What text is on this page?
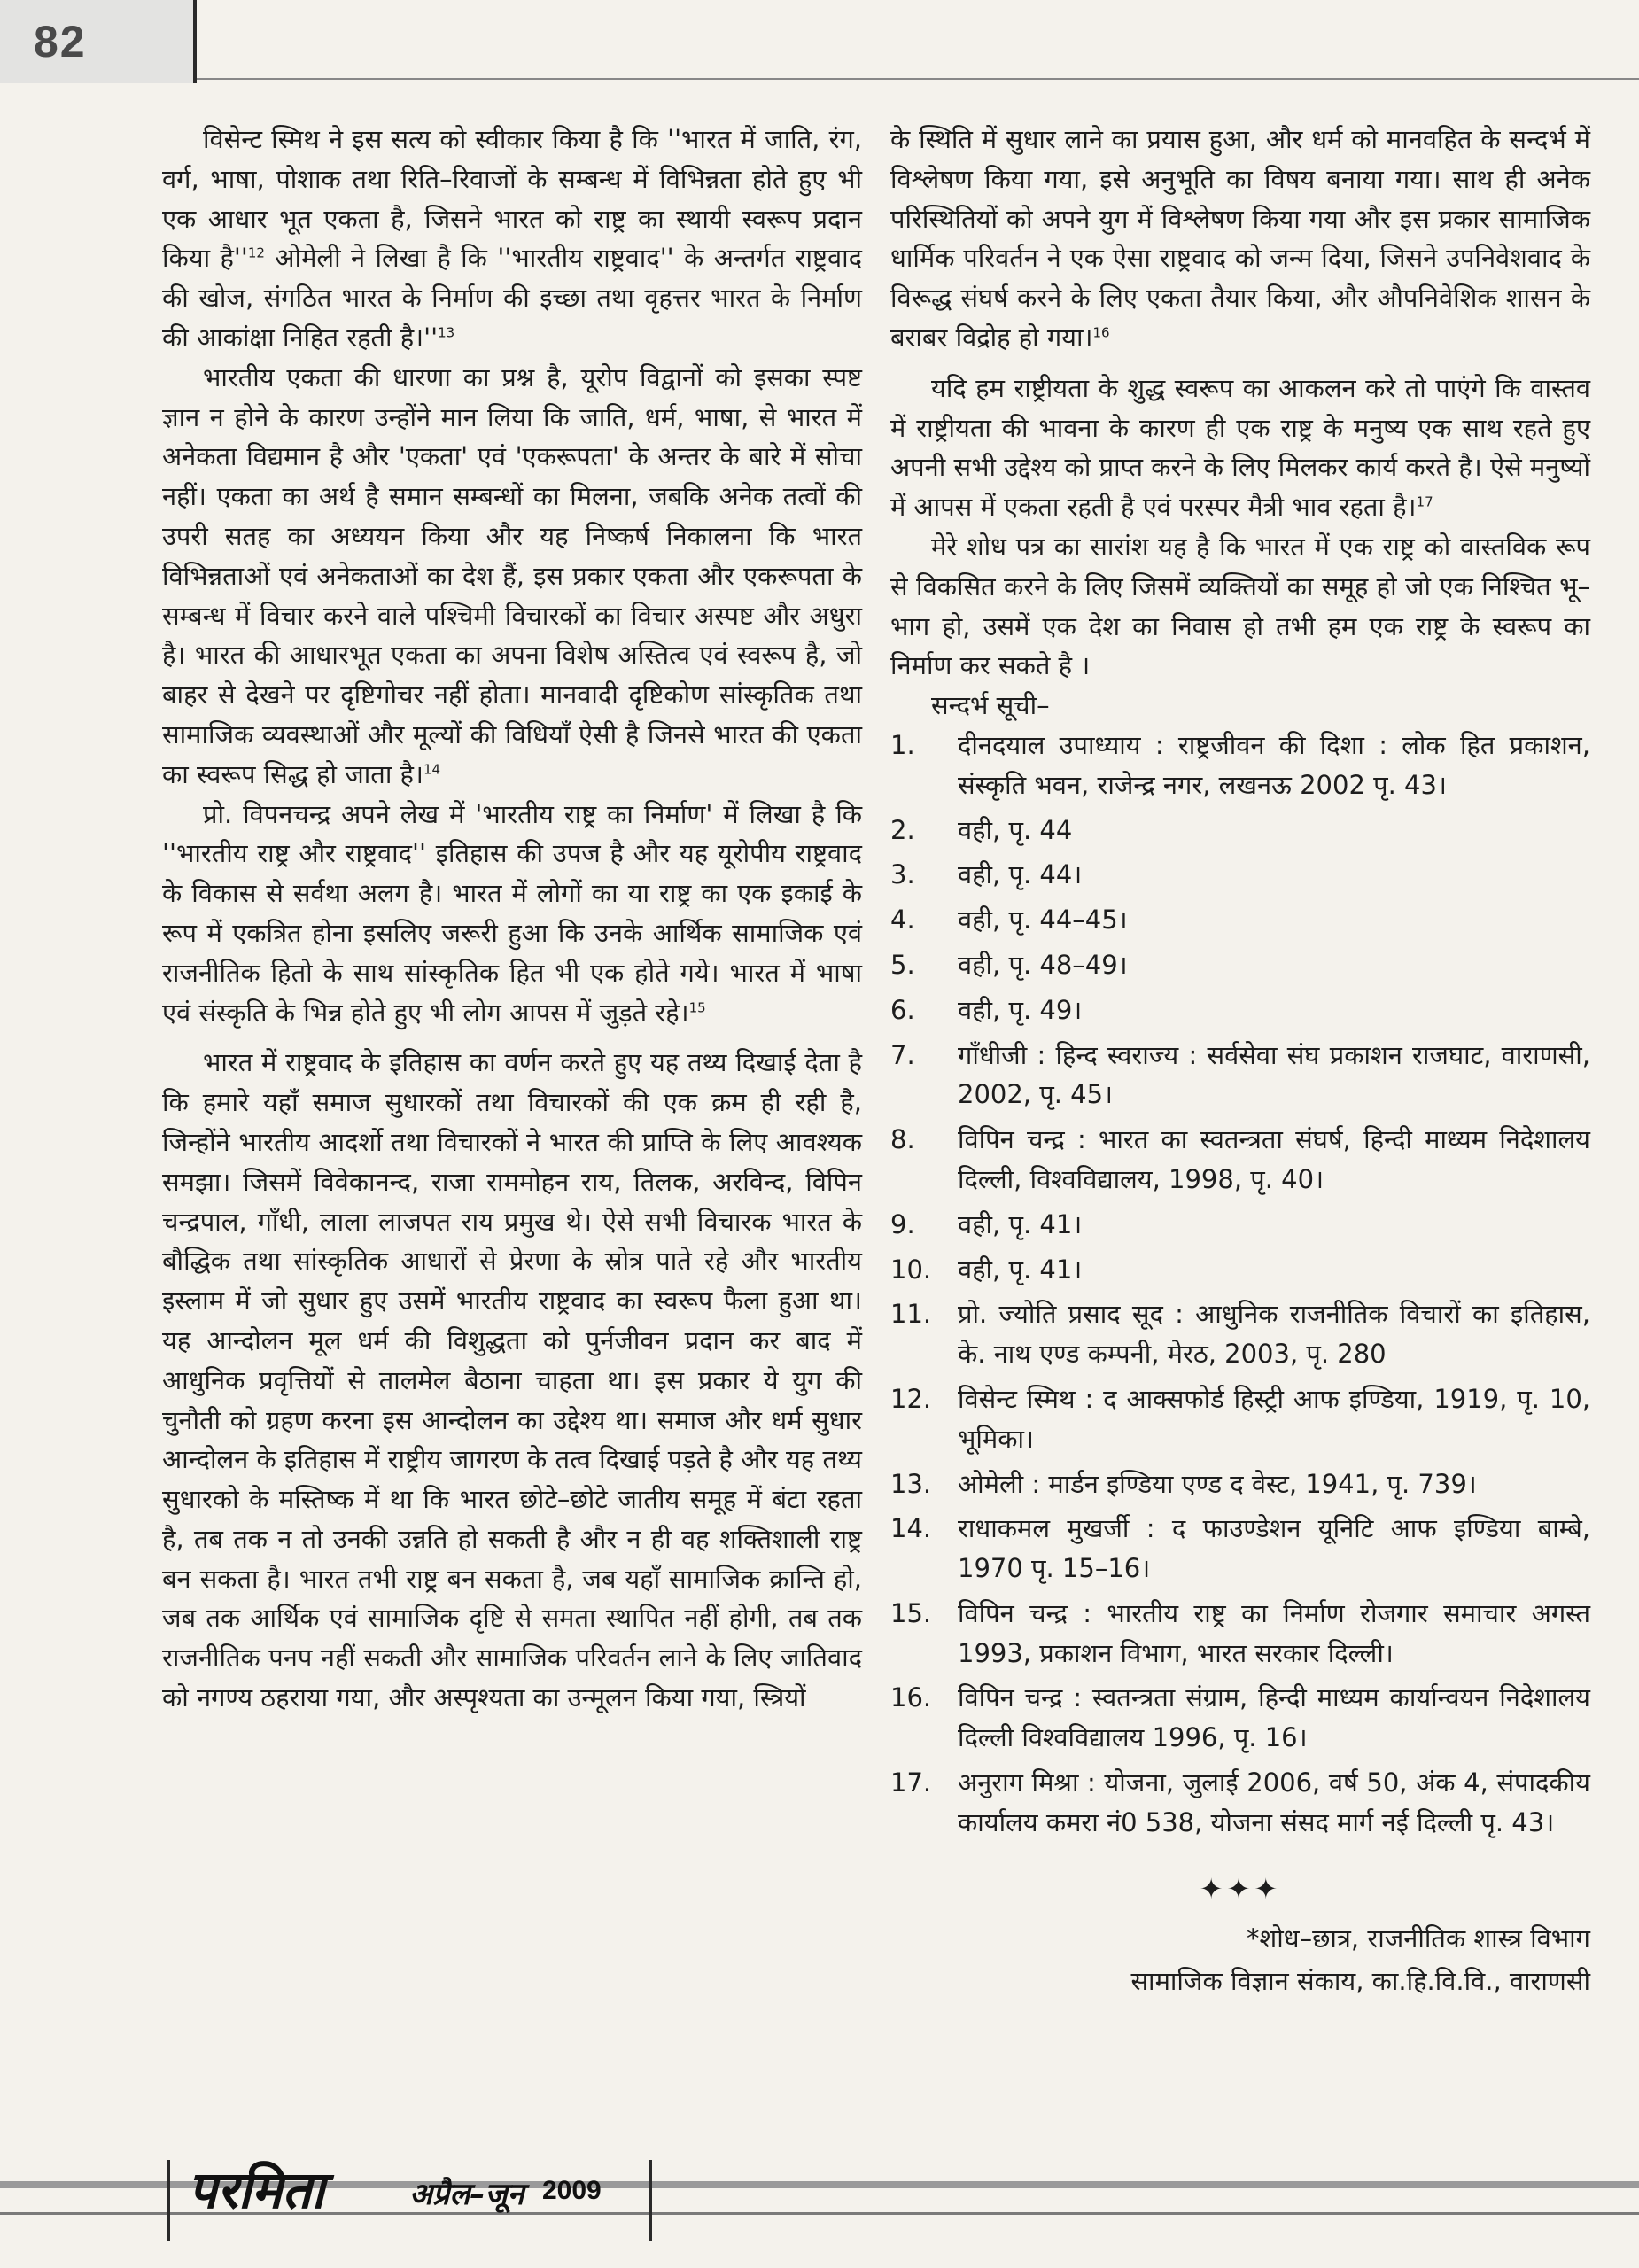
82

विसेन्ट स्मिथ ने इस सत्य को स्वीकार किया है कि ''भारत में जाति, रंग, वर्ग, भाषा, पोशाक तथा रिति–रिवाजों के सम्बन्ध में विभिन्नता होते हुए भी एक आधार भूत एकता है, जिसने भारत को राष्ट्र का स्थायी स्वरूप प्रदान किया $है''^{12}$ ओमेली ने लिखा है कि ''भारतीय राष्ट्रवाद'' के अन्तर्गत राष्ट्रवाद की खोज, संगठित भारत के निर्माण की इच्छा तथा वृहत्तर भारत के निर्माण की आकांक्षा निहित रहती $है।''^{13}$

भारतीय एकता की धारणा का प्रश्न है, यूरोप विद्वानों को इसका स्पष्ट ज्ञान न होने के कारण उन्होंने मान लिया कि जाति, धर्म, भाषा, से भारत में अनेकता विद्यमान है और 'एकता' एवं 'एकरूपता' के अन्तर के बारे में सोचा नहीं। एकता का अर्थ है समान सम्बन्धों का मिलना, जबकि अनेक तत्वों की उपरी सतह का अध्ययन किया और यह निष्कर्ष निकालना कि भारत विभिन्नताओं एवं अनेकताओं का देश हैं, इस प्रकार एकता और एकरूपता के सम्बन्ध में विचार करने वाले पश्चिमी विचारकों का विचार अस्पष्ट और अधुरा है। भारत की आधारभूत एकता का अपना विशेष अस्तित्व एवं स्वरूप है, जो बाहर से देखने पर दृष्टिगोचर नहीं होता। मानवादी दृष्टिकोण सांस्कृतिक तथा सामाजिक व्यवस्थाओं और मूल्यों की विधियाँ ऐसी है जिनसे भारत की एकता का स्वरूप सिद्ध हो जाता है।$^{14}$

प्रो. विपनचन्द्र अपने लेख में 'भारतीय राष्ट्र का निर्माण' में लिखा है कि ''भारतीय राष्ट्र और राष्ट्रवाद'' इतिहास की उपज है और यह यूरोपीय राष्ट्रवाद के विकास से सर्वथा अलग है। भारत में लोगों का या राष्ट्र का एक इकाई के रूप में एकत्रित होना इसलिए जरूरी हुआ कि उनके आर्थिक सामाजिक एवं राजनीतिक हितो के साथ सांस्कृतिक हित भी एक होते गये। भारत में भाषा एवं संस्कृति के भिन्न होते हुए भी लोग आपस में जुड़ते रहे।$^{15}$

भारत में राष्ट्रवाद के इतिहास का वर्णन करते हुए यह तथ्य दिखाई देता है कि हमारे यहाँ समाज सुधारकों तथा विचारकों की एक क्रम ही रही है, जिन्होंने भारतीय आदर्शो तथा विचारकों ने भारत की प्राप्ति के लिए आवश्यक समझा। जिसमें विवेकानन्द, राजा राममोहन राय, तिलक, अरविन्द, विपिन चन्द्रपाल, गाँधी, लाला लाजपत राय प्रमुख थे। ऐसे सभी विचारक भारत के बौद्धिक तथा सांस्कृतिक आधारों से प्रेरणा के स्रोत्र पाते रहे और भारतीय इस्लाम में जो सुधार हुए उसमें भारतीय राष्ट्रवाद का स्वरूप फैला हुआ था। यह आन्दोलन मूल धर्म की विशुद्धता को पुर्नजीवन प्रदान कर बाद में आधुनिक प्रवृत्तियों से तालमेल बैठाना चाहता था। इस प्रकार ये युग की चुनौती को ग्रहण करना इस आन्दोलन का उद्देश्य था। समाज और धर्म सुधार आन्दोलन के इतिहास में राष्ट्रीय जागरण के तत्व दिखाई पड़ते है और यह तथ्य सुधारको के मस्तिष्क में था कि भारत छोटे–छोटे जातीय समूह में बंटा रहता है, तब तक न तो उनकी उन्नति हो सकती है और न ही वह शक्तिशाली राष्ट्र बन सकता है। भारत तभी राष्ट्र बन सकता है, जब यहाँ सामाजिक क्रान्ति हो, जब तक आर्थिक एवं सामाजिक दृष्टि से समता स्थापित नहीं होगी, तब तक राजनीतिक पनप नहीं सकती और सामाजिक परिवर्तन लाने के लिए जातिवाद को नगण्य ठहराया गया, और अस्पृश्यता का उन्मूलन किया गया, स्त्रियों

के स्थिति में सुधार लाने का प्रयास हुआ, और धर्म को मानवहित के सन्दर्भ में विश्लेषण किया गया, इसे अनुभूति का विषय बनाया गया। साथ ही अनेक परिस्थितियों को अपने युग में विश्लेषण किया गया और इस प्रकार सामाजिक धार्मिक परिवर्तन ने एक ऐसा राष्ट्रवाद को जन्म दिया, जिसने उपनिवेशवाद के विरूद्ध संघर्ष करने के लिए एकता तैयार किया, और औपनिवेशिक शासन के बराबर विद्रोह हो गया।$^{16}$

यदि हम राष्ट्रीयता के शुद्ध स्वरूप का आकलन करे तो पाएंगे कि वास्तव में राष्ट्रीयता की भावना के कारण ही एक राष्ट्र के मनुष्य एक साथ रहते हुए अपनी सभी उद्देश्य को प्राप्त करने के लिए मिलकर कार्य करते है। ऐसे मनुष्यों में आपस में एकता रहती है एवं परस्पर मैत्री भाव रहता है।$^{17}$

मेरे शोध पत्र का सारांश यह है कि भारत में एक राष्ट्र को वास्तविक रूप से विकसित करने के लिए जिसमें व्यक्तियों का समूह हो जो एक निश्चित भू–भाग हो, उसमें एक देश का निवास हो तभी हम एक राष्ट्र के स्वरूप का निर्माण कर सकते है ।

सन्दर्भ सूची–

1. दीनदयाल उपाध्याय : राष्ट्रजीवन की दिशा : लोक हित प्रकाशन, संस्कृति भवन, राजेन्द्र नगर, लखनऊ 2002 पृ. 43।
2. वही, पृ. 44
3. वही, पृ. 44।
4. वही, पृ. 44–45।
5. वही, पृ. 48–49।
6. वही, पृ. 49।
7. गाँधीजी : हिन्द स्वराज्य : सर्वसेवा संघ प्रकाशन राजघाट, वाराणसी, 2002, पृ. 45।
8. विपिन चन्द्र : भारत का स्वतन्त्रता संघर्ष, हिन्दी माध्यम निदेशालय दिल्ली, विश्वविद्यालय, 1998, पृ. 40।
9. वही, पृ. 41।
10. वही, पृ. 41।
11. प्रो. ज्योति प्रसाद सूद : आधुनिक राजनीतिक विचारों का इतिहास, के. नाथ एण्ड कम्पनी, मेरठ, 2003, पृ. 280
12. विसेन्ट स्मिथ : द आक्सफोर्ड हिस्ट्री आफ इण्डिया, 1919, पृ. 10, भूमिका।
13. ओमेली : मार्डन इण्डिया एण्ड द वेस्ट, 1941, पृ. 739।
14. राधाकमल मुखर्जी : द फाउण्डेशन यूनिटि आफ इण्डिया बाम्बे, 1970 पृ. 15–16।
15. विपिन चन्द्र : भारतीय राष्ट्र का निर्माण रोजगार समाचार अगस्त 1993, प्रकाशन विभाग, भारत सरकार दिल्ली।
16. विपिन चन्द्र : स्वतन्त्रता संग्राम, हिन्दी माध्यम कार्यान्वयन निदेशालय दिल्ली विश्वविद्यालय 1996, पृ. 16।
17. अनुराग मिश्रा : योजना, जुलाई 2006, वर्ष 50, अंक 4, संपादकीय कार्यालय कमरा नं0 538, योजना संसद मार्ग नई दिल्ली पृ. 43।
✦✦✦
*शोध–छात्र, राजनीतिक शास्त्र विभाग
सामाजिक विज्ञान संकाय, का.हि.वि.वि., वाराणसी
परमिता	अप्रैल–जून 2009
